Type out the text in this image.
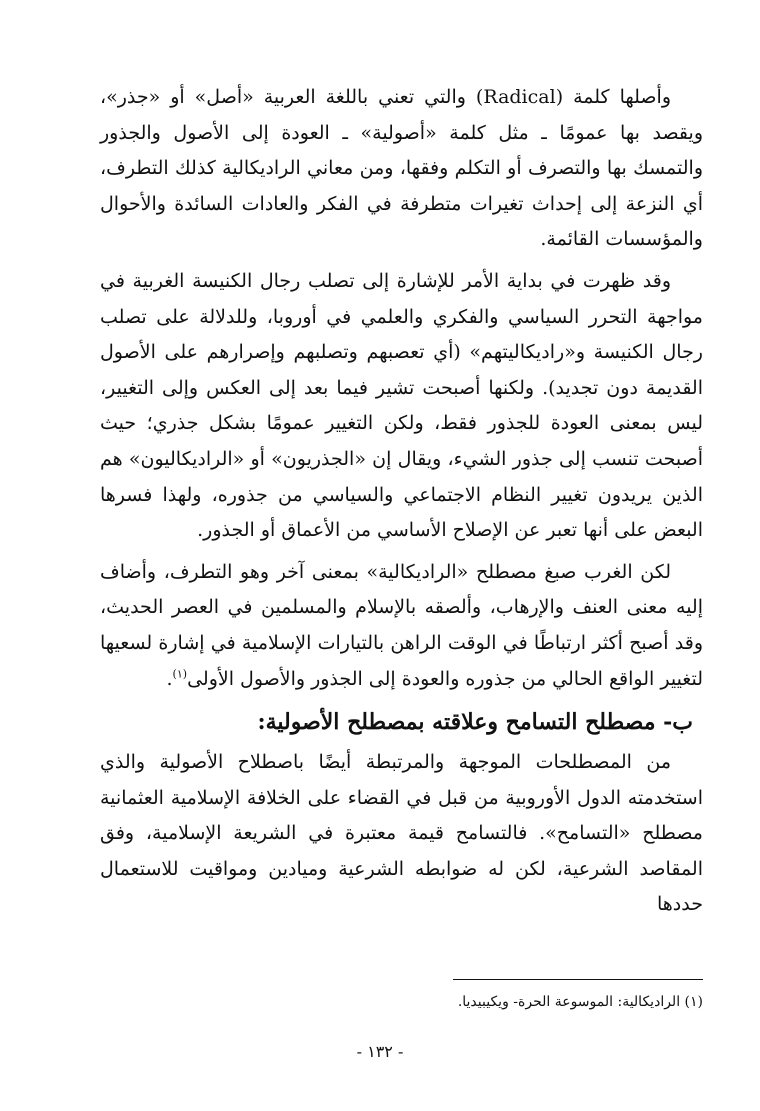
وأصلها كلمة (Radical) والتي تعني باللغة العربية «أصل» أو «جذر»، ويقصد بها عمومًا ـ مثل كلمة «أصولية» ـ العودة إلى الأصول والجذور والتمسك بها والتصرف أو التكلم وفقها، ومن معاني الراديكالية كذلك التطرف، أي النزعة إلى إحداث تغيرات متطرفة في الفكر والعادات السائدة والأحوال والمؤسسات القائمة.

وقد ظهرت في بداية الأمر للإشارة إلى تصلب رجال الكنيسة الغربية في مواجهة التحرر السياسي والفكري والعلمي في أوروبا، وللدلالة على تصلب رجال الكنيسة و«راديكاليتهم» (أي تعصبهم وتصلبهم وإصرارهم على الأصول القديمة دون تجديد). ولكنها أصبحت تشير فيما بعد إلى العكس وإلى التغيير، ليس بمعنى العودة للجذور فقط، ولكن التغيير عمومًا بشكل جذري؛ حيث أصبحت تنسب إلى جذور الشيء، ويقال إن «الجذريون» أو «الراديكاليون» هم الذين يريدون تغيير النظام الاجتماعي والسياسي من جذوره، ولهذا فسرها البعض على أنها تعبر عن الإصلاح الأساسي من الأعماق أو الجذور.

لكن الغرب صبغ مصطلح «الراديكالية» بمعنى آخر وهو التطرف، وأضاف إليه معنى العنف والإرهاب، وألصقه بالإسلام والمسلمين في العصر الحديث، وقد أصبح أكثر ارتباطًا في الوقت الراهن بالتيارات الإسلامية في إشارة لسعيها لتغيير الواقع الحالي من جذوره والعودة إلى الجذور والأصول الأولى$^{(١)}$.

ب- مصطلح التسامح وعلاقته بمصطلح الأصولية:

من المصطلحات الموجهة والمرتبطة أيضًا باصطلاح الأصولية والذي استخدمته الدول الأوروبية من قبل في القضاء على الخلافة الإسلامية العثمانية مصطلح «التسامح». فالتسامح قيمة معتبرة في الشريعة الإسلامية، وفق المقاصد الشرعية، لكن له ضوابطه الشرعية وميادين ومواقيت للاستعمال حددها

(١) الراديكالية: الموسوعة الحرة- ويكيبيديا.
- ١٣٢ -
